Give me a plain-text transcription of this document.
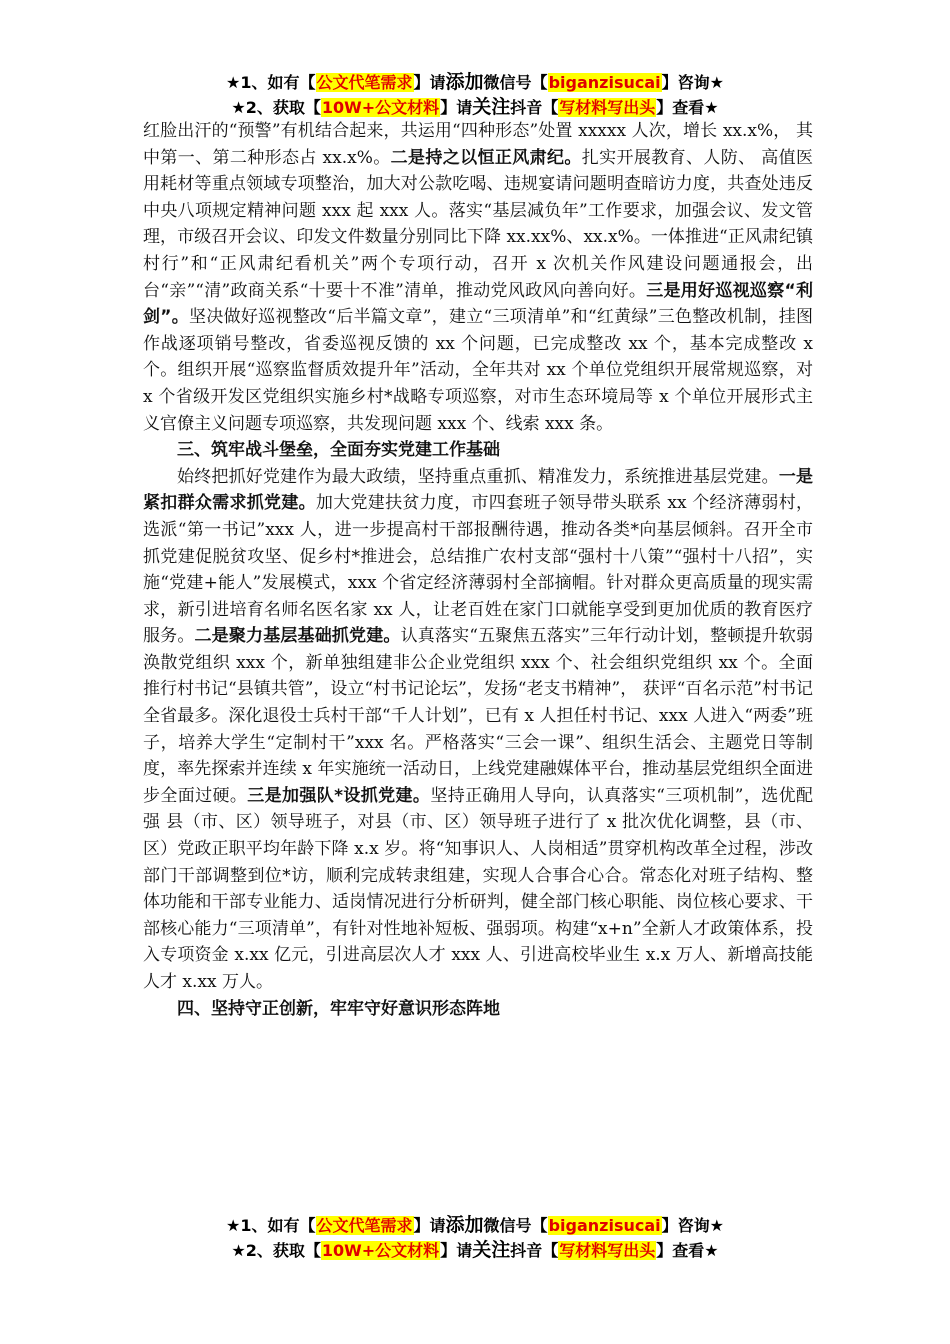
★1、如有【公文代笔需求】请添加微信号【biganzisucai】咨询★
★2、获取【10W+公文材料】请关注抖音【写材料写出头】查看★

红脸出汗的“预警”有机结合起来，共运用“四种形态”处置 xxxxx 人次，增长 xx.x%， 其中第一、第二种形态占 xx.x%。二是持之以恒正风肃纪。扎实开展教育、人防、 高值医用耗材等重点领域专项整治，加大对公款吃喝、违规宴请问题明查暗访力度，共查处违反中央八项规定精神问题 xxx 起 xxx 人。落实“基层减负年”工作要求，加强会议、发文管理，市级召开会议、印发文件数量分别同比下降 xx.xx%、xx.x%。一体推进“正风肃纪镇村行”和“正风肃纪看机关”两个专项行动，召开 x 次机关作风建设问题通报会，出台“亲”“清”政商关系“十要十不准”清单，推动党风政风向善向好。三是用好巡视巡察“利剑”。坚决做好巡视整改“后半篇文章”，建立“三项清单”和“红黄绿”三色整改机制，挂图作战逐项销号整改，省委巡视反馈的 xx 个问题，已完成整改 xx 个，基本完成整改 x 个。组织开展“巡察监督质效提升年”活动，全年共对 xx 个单位党组织开展常规巡察，对 x 个省级开发区党组织实施乡村*战略专项巡察，对市生态环境局等 x 个单位开展形式主义官僚主义问题专项巡察，共发现问题 xxx 个、线索 xxx 条。

三、筑牢战斗堡垒，全面夯实党建工作基础

始终把抓好党建作为最大政绩，坚持重点重抓、精准发力，系统推进基层党建。一是紧扣群众需求抓党建。加大党建扶贫力度，市四套班子领导带头联系 xx 个经济薄弱村，选派“第一书记”xxx 人，进一步提高村干部报酬待遇，推动各类*向基层倾斜。召开全市抓党建促脱贫攻坚、促乡村*推进会，总结推广农村支部“强村十八策”“强村十八招”，实施“党建+能人”发展模式，xxx 个省定经济薄弱村全部摘帽。针对群众更高质量的现实需求，新引进培育名师名医名家 xx 人，让老百姓在家门口就能享受到更加优质的教育医疗服务。二是聚力基层基础抓党建。认真落实“五聚焦五落实”三年行动计划，整顿提升软弱涣散党组织 xxx 个，新单独组建非公企业党组织 xxx 个、社会组织党组织 xx 个。全面推行村书记“县镇共管”，设立“村书记论坛”，发扬“老支书精神”， 获评“百名示范”村书记全省最多。深化退役士兵村干部“千人计划”，已有 x 人担任村书记、xxx 人进入“两委”班子，培养大学生“定制村干”xxx 名。严格落实“三会一课”、组织生活会、主题党日等制度，率先探索并连续 x 年实施统一活动日，上线党建融媒体平台，推动基层党组织全面进步全面过硬。三是加强队*设抓党建。坚持正确用人导向，认真落实“三项机制”，选优配强 县（市、区）领导班子，对县（市、区）领导班子进行了 x 批次优化调整，县（市、区）党政正职平均年龄下降 x.x 岁。将“知事识人、人岗相适”贯穿机构改革全过程，涉改部门干部调整到位*访，顺利完成转隶组建，实现人合事合心合。常态化对班子结构、整体功能和干部专业能力、适岗情况进行分析研判，健全部门核心职能、岗位核心要求、干部核心能力“三项清单”，有针对性地补短板、强弱项。构建“x+n”全新人才政策体系，投入专项资金 x.xx 亿元，引进高层次人才 xxx 人、引进高校毕业生 x.x 万人、新增高技能人才 x.xx 万人。

四、坚持守正创新，牢牢守好意识形态阵地

★1、如有【公文代笔需求】请添加微信号【biganzisucai】咨询★
★2、获取【10W+公文材料】请关注抖音【写材料写出头】查看★
